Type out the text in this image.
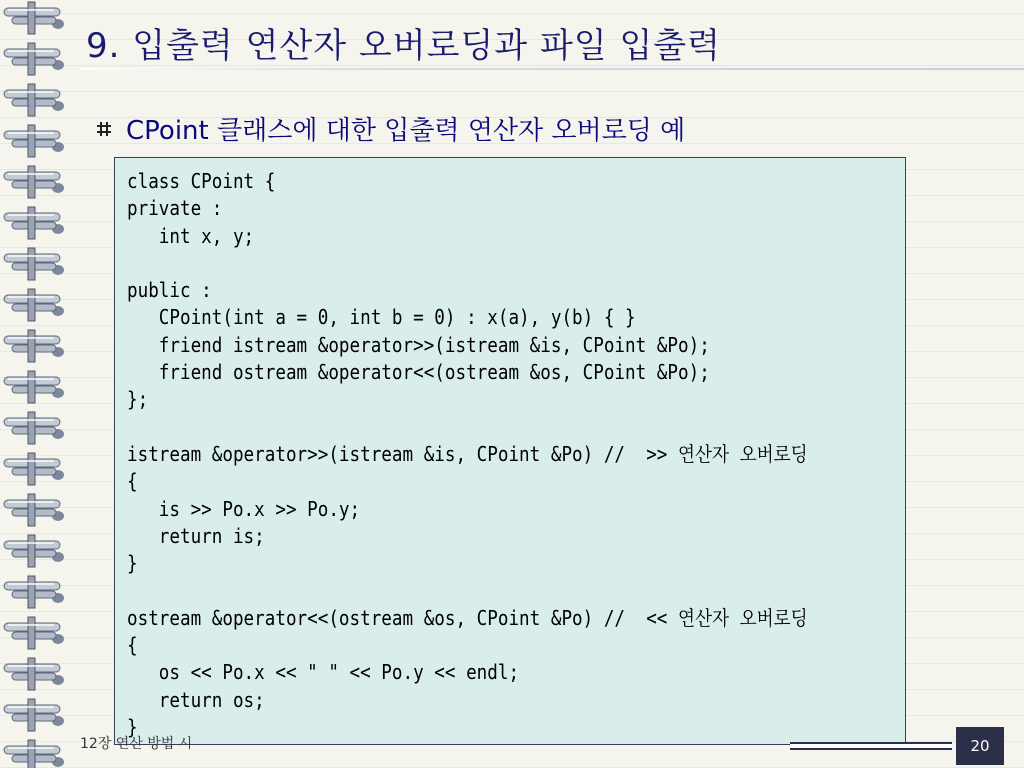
9. 입출력 연산자 오버로딩과 파일 입출력
CPoint 클래스에 대한 입출력 연산자 오버로딩 예
class CPoint {
private :
int x, y;

public :
CPoint(int a = 0, int b = 0) : x(a), y(b) { }
friend istream &operator>>(istream &is, CPoint &Po);
friend ostream &operator<<(ostream &os, CPoint &Po);
};

istream &operator>>(istream &is, CPoint &Po) //  >> 연산자 오버로딩
{
is >> Po.x >> Po.y;
return is;
}

ostream &operator<<(ostream &os, CPoint &Po) //  << 연산자 오버로딩
{
os << Po.x << " " << Po.y << endl;
return os;
}
12장 연산 방법 시	20
